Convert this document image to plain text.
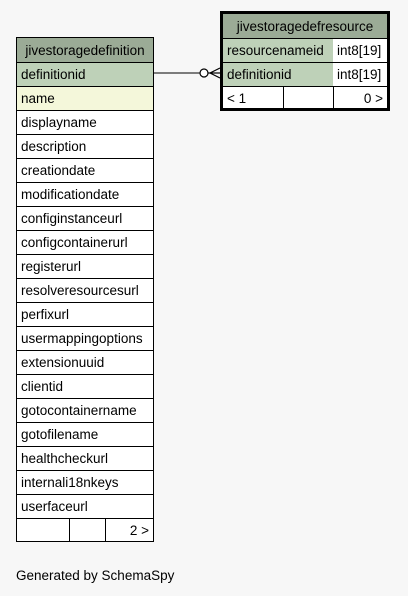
jivestoragedefinition
definitionid
name
displayname
description
creationdate
modificationdate
configinstanceurl
configcontainerurl
registerurl
resolveresourcesurl
perfixurl
usermappingoptions
extensionuuid
clientid
gotocontainername
gotofilename
healthcheckurl
internali18nkeys
userfaceurl
2 >
jivestoragedefresource
resourcenameid int8[19]
definitionid	int8[19]
< 1	0 >
Generated by SchemaSpy
